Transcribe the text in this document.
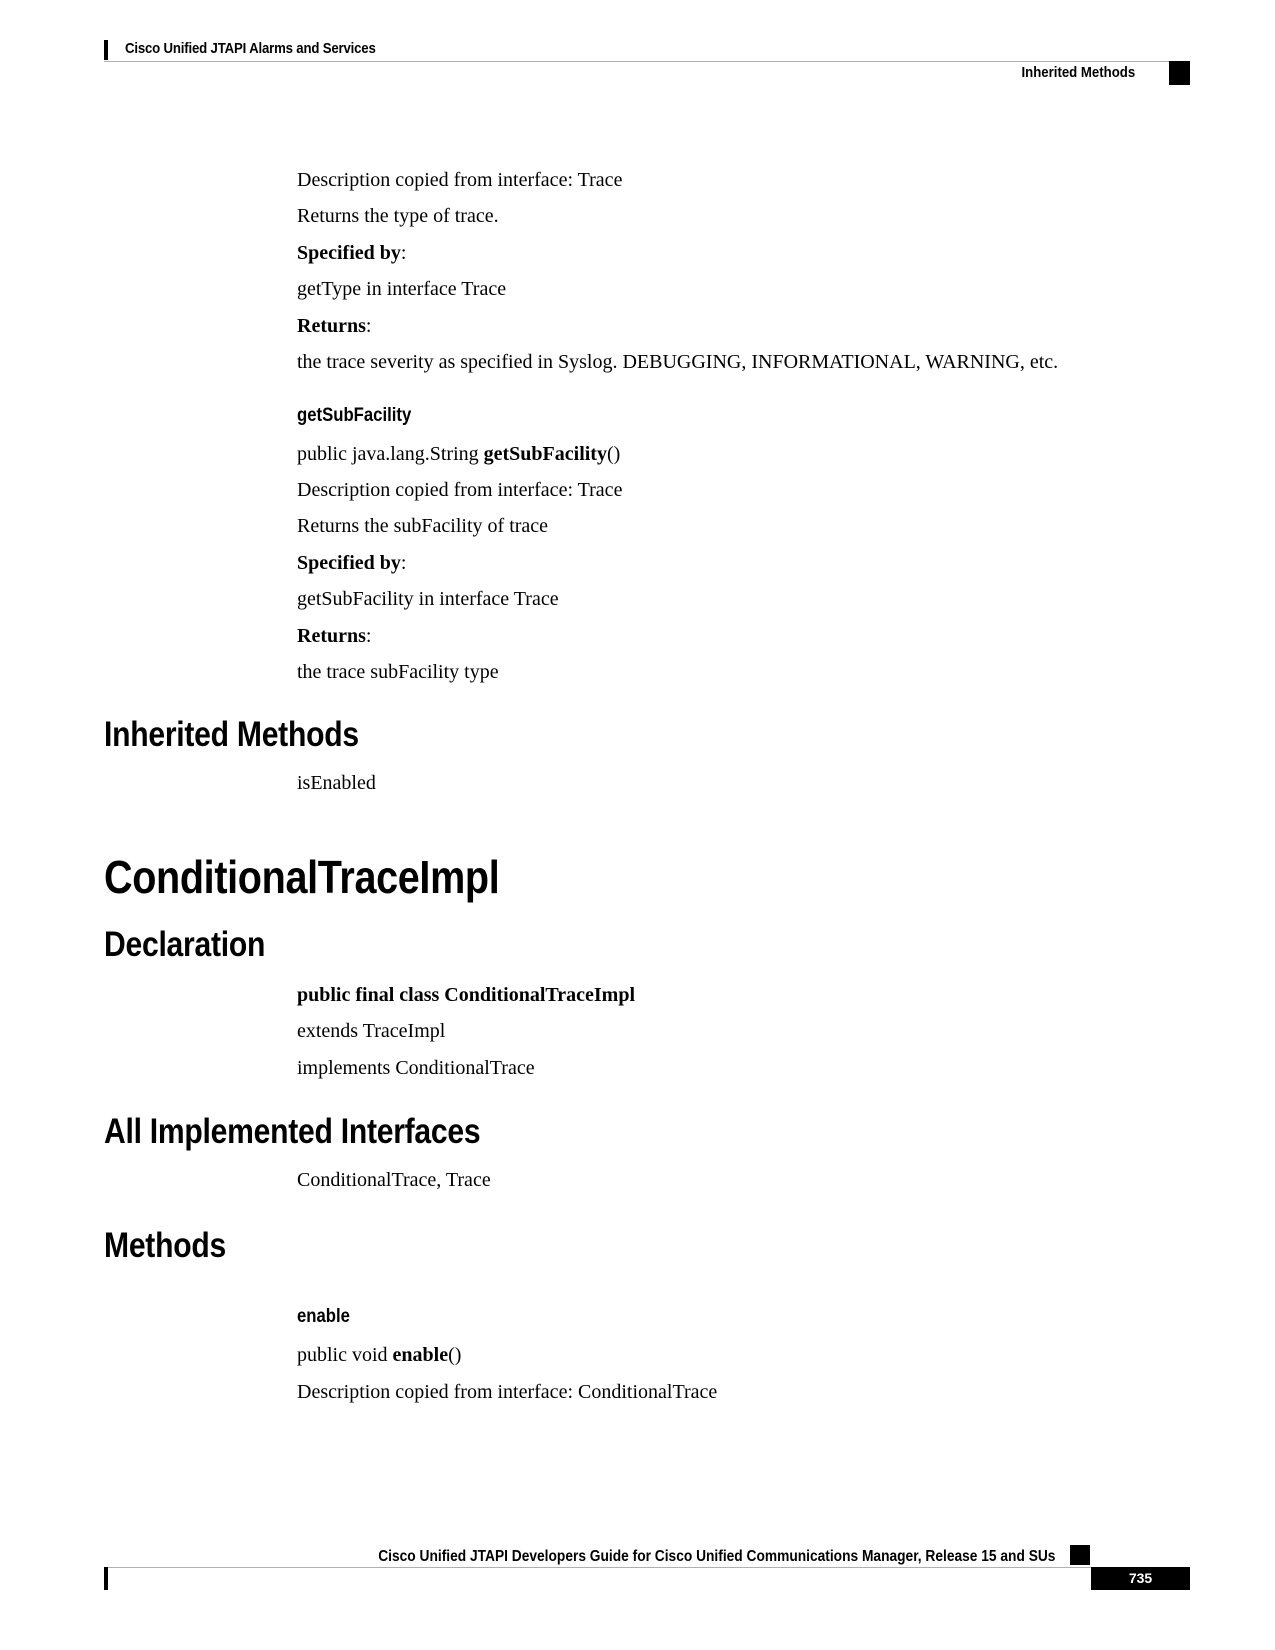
Cisco Unified JTAPI Alarms and Services
Inherited Methods
Description copied from interface: Trace
Returns the type of trace.
Specified by:
getType in interface Trace
Returns:
the trace severity as specified in Syslog. DEBUGGING, INFORMATIONAL, WARNING, etc.
getSubFacility
public java.lang.String getSubFacility()
Description copied from interface: Trace
Returns the subFacility of trace
Specified by:
getSubFacility in interface Trace
Returns:
the trace subFacility type
Inherited Methods
isEnabled
ConditionalTraceImpl
Declaration
public final class ConditionalTraceImpl
extends TraceImpl
implements ConditionalTrace
All Implemented Interfaces
ConditionalTrace, Trace
Methods
enable
public void enable()
Description copied from interface: ConditionalTrace
Cisco Unified JTAPI Developers Guide for Cisco Unified Communications Manager, Release 15 and SUs
735
